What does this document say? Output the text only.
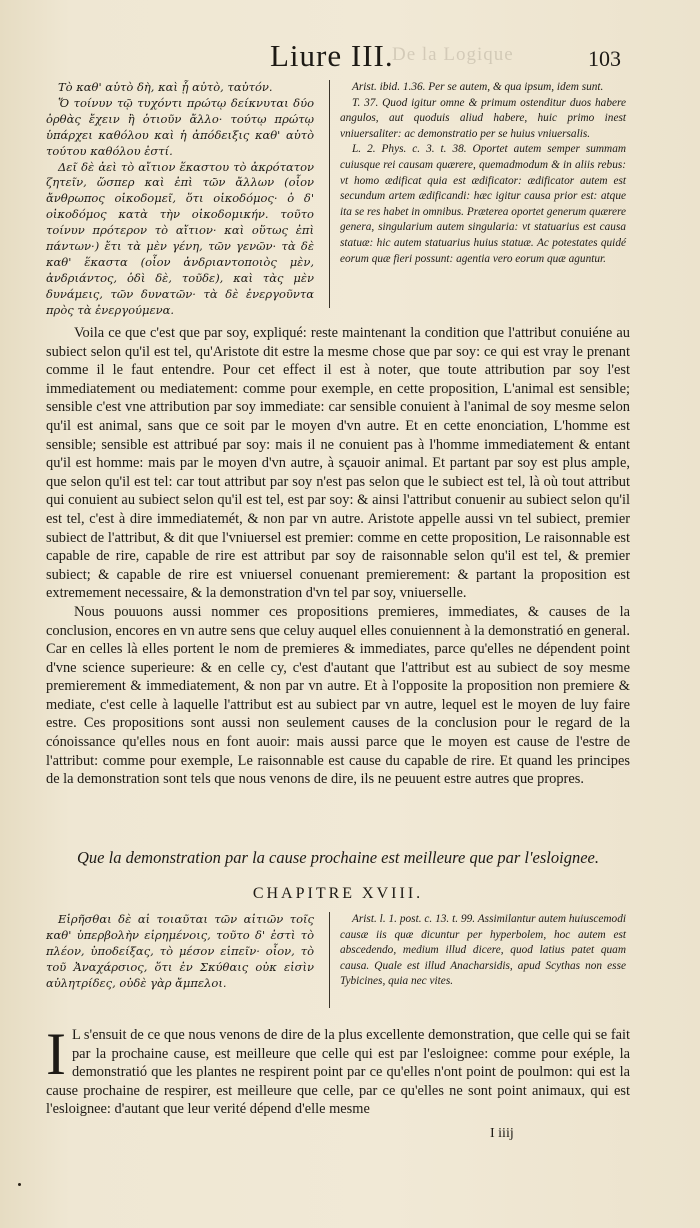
Liure III.	103
De la Logique

Τὸ καθ' αὑτὸ δὴ, καὶ ᾗ αὐτὸ, ταὐτόν.

Ὅ τοίνυν τῷ τυχόντι πρώτῳ δείκνυται δύο ὀρθὰς ἔχειν ἢ ὁτιοῦν ἄλλο· τούτῳ πρώτῳ ὑπάρχει καθόλου καὶ ἡ ἀπόδειξις καθ' αὑτὸ τούτου καθόλου ἐστί.

Δεῖ δὲ ἀεὶ τὸ αἴτιον ἕκαστου τὸ ἀκρότατον ζητεῖν, ὥσπερ καὶ ἐπὶ τῶν ἄλλων (οἷον ἄνθρωπος οἰκοδομεῖ, ὅτι οἰκοδόμος· ὁ δ' οἰκοδόμος κατὰ τὴν οἰκοδομικήν. τοῦτο τοίνυν πρότερον τὸ αἴτιον· καὶ οὕτως ἐπὶ πάντων·) ἔτι τὰ μὲν γένη, τῶν γενῶν· τὰ δὲ καθ' ἕκαστα (οἷον ἀνδριαντοποιὸς μὲν, ἀνδριάντος, ὁδὶ δὲ, τοῦδε), καὶ τὰς μὲν δυνάμεις, τῶν δυνατῶν· τὰ δὲ ἐνεργοῦντα πρὸς τὰ ἐνεργούμενα.

Arist. ibid. 1.36. Per se autem, & qua ipsum, idem sunt.

T. 37. Quod igitur omne & primum ostenditur duos habere angulos, aut quoduis aliud habere, huic primo inest vniuersaliter: ac demonstratio per se huius vniuersalis.

L. 2. Phys. c. 3. t. 38. Oportet autem semper summam cuiusque rei causam quærere, quemadmodum & in aliis rebus: vt homo ædificat quia est ædificator: ædificator autem est secundum artem ædificandi: hæc igitur causa prior est: atque ita se res habet in omnibus. Præterea oportet generum quærere genera, singularium autem singularia: vt statuarius est causa statuæ: hic autem statuarius huius statuæ. Ac potestates quidé eorum quæ fieri possunt: agentia vero eorum quæ aguntur.

Voila ce que c'est que par soy, expliqué: reste maintenant la condition que l'attribut conuiéne au subiect selon qu'il est tel, qu'Aristote dit estre la mesme chose que par soy: ce qui est vray le prenant comme il le faut entendre. Pour cet effect il est à noter, que toute attribution par soy l'est immediatement ou mediatement: comme pour exemple, en cette proposition, L'animal est sensible; sensible c'est vne attribution par soy immediate: car sensible conuient à l'animal de soy mesme selon qu'il est animal, sans que ce soit par le moyen d'vn autre. Et en cette enonciation, L'homme est sensible; sensible est attribué par soy: mais il ne conuient pas à l'homme immediatement & entant qu'il est homme: mais par le moyen d'vn autre, à sçauoir animal. Et partant par soy est plus ample, que selon qu'il est tel: car tout attribut par soy n'est pas selon que le subiect est tel, là où tout attribut qui conuient au subiect selon qu'il est tel, est par soy: & ainsi l'attribut conuenir au subiect selon qu'il est tel, c'est à dire immediatemét, & non par vn autre. Aristote appelle aussi vn tel subiect, premier subiect de l'attribut, & dit que l'vniuersel est premier: comme en cette proposition, Le raisonnable est capable de rire, capable de rire est attribut par soy de raisonnable selon qu'il est tel, & premier subiect; & capable de rire est vniuersel conuenant premierement: & partant la proposition est extremement necessaire, & la demonstration d'vn tel par soy, vniuerselle.

Nous pouuons aussi nommer ces propositions premieres, immediates, & causes de la conclusion, encores en vn autre sens que celuy auquel elles conuiennent à la demonstratió en general. Car en celles là elles portent le nom de premieres & immediates, parce qu'elles ne dépendent point d'vne science superieure: & en celle cy, c'est d'autant que l'attribut est au subiect de soy mesme premierement & immediatement, & non par vn autre. Et à l'opposite la proposition non premiere & mediate, c'est celle à laquelle l'attribut est au subiect par vn autre, lequel est le moyen de luy faire estre. Ces propositions sont aussi non seulement causes de la conclusion pour le regard de la cónoissance qu'elles nous en font auoir: mais aussi parce que le moyen est cause de l'estre de l'attribut: comme pour exemple, Le raisonnable est cause du capable de rire. Et quand les principes de la demonstration sont tels que nous venons de dire, ils ne peuuent estre autres que propres.

Que la demonstration par la cause prochaine est meilleure que par l'esloignee.
CHAPITRE XVIII.

Εἰρῆσθαι δὲ αἱ τοιαῦται τῶν αἰτιῶν τοῖς καθ' ὑπερβολὴν εἰρημένοις, τοῦτο δ' ἐστὶ τὸ πλέον, ὑποδείξας, τὸ μέσον εἰπεῖν· οἷον, τὸ τοῦ Ἀναχάρσιος, ὅτι ἐν Σκύθαις οὐκ εἰσὶν αὐλητρίδες, οὐδὲ γὰρ ἄμπελοι.

Arist. l. 1. post. c. 13. t. 99. Assimilantur autem huiuscemodi causæ iis quæ dicuntur per hyperbolem, hoc autem est abscedendo, medium illud dicere, quod latius patet quam causa. Quale est illud Anacharsidis, apud Scythas non esse Tybicines, quia nec vites.

I L s'ensuit de ce que nous venons de dire de la plus excellente demonstration, que celle qui se fait par la prochaine cause, est meilleure que celle qui est par l'esloignee: comme pour exéple, la demonstratió que les plantes ne respirent point par ce qu'elles n'ont point de poulmon: qui est la cause prochaine de respirer, est meilleure que celle, par ce qu'elles ne sont point animaux, qui est l'esloignee: d'autant que leur verité dépend d'elle mesme
I iiij
